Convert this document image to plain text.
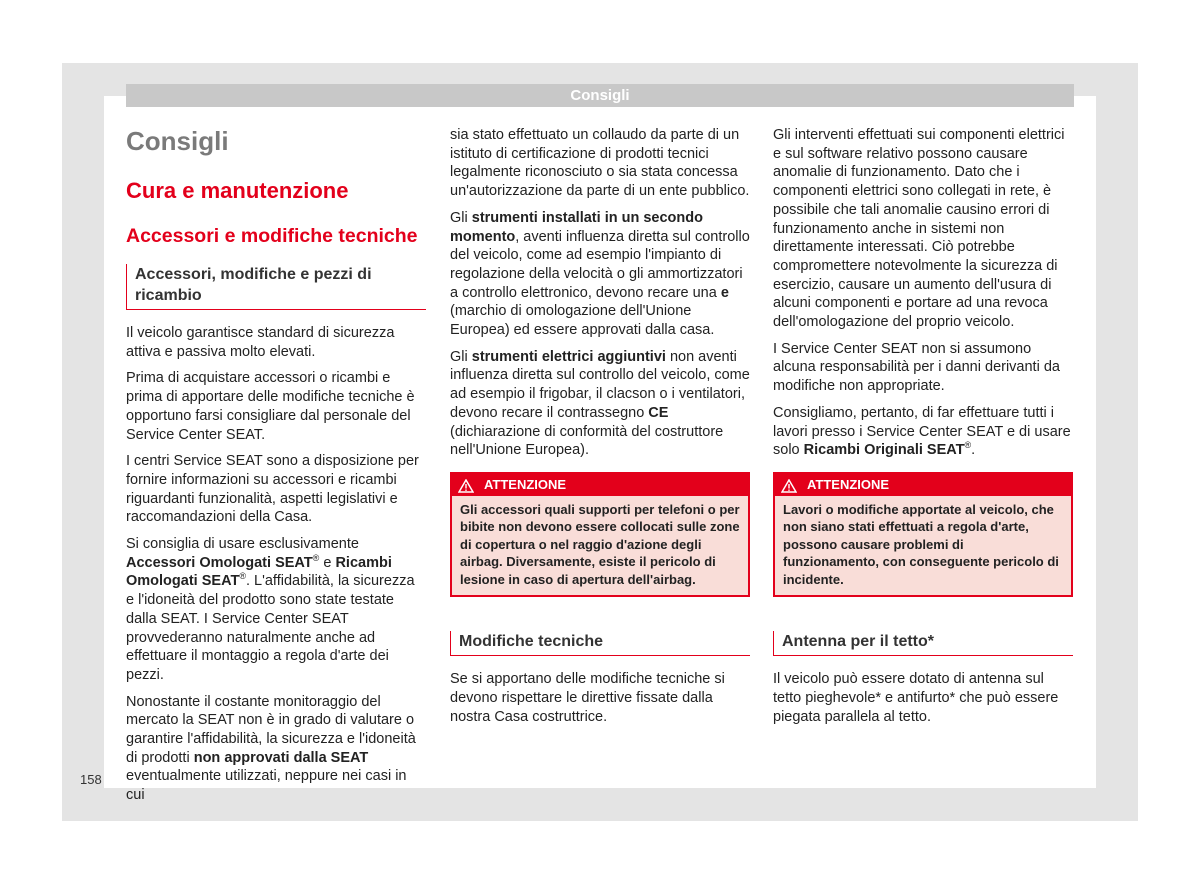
Consigli
Consigli
Cura e manutenzione
Accessori e modifiche tecniche
Accessori, modifiche e pezzi di ricambio

Il veicolo garantisce standard di sicurezza attiva e passiva molto elevati.

Prima di acquistare accessori o ricambi e prima di apportare delle modifiche tecniche è opportuno farsi consigliare dal personale del Service Center SEAT.

I centri Service SEAT sono a disposizione per fornire informazioni su accessori e ricambi riguardanti funzionalità, aspetti legislativi e raccomandazioni della Casa.

Si consiglia di usare esclusivamente Accessori Omologati SEAT® e Ricambi Omologati SEAT®. L'affidabilità, la sicurezza e l'idoneità del prodotto sono state testate dalla SEAT. I Service Center SEAT provvederanno naturalmente anche ad effettuare il montaggio a regola d'arte dei pezzi.

Nonostante il costante monitoraggio del mercato la SEAT non è in grado di valutare o garantire l'affidabilità, la sicurezza e l'idoneità di prodotti non approvati dalla SEAT eventualmente utilizzati, neppure nei casi in cui

sia stato effettuato un collaudo da parte di un istituto di certificazione di prodotti tecnici legalmente riconosciuto o sia stata concessa un'autorizzazione da parte di un ente pubblico.

Gli strumenti installati in un secondo momento, aventi influenza diretta sul controllo del veicolo, come ad esempio l'impianto di regolazione della velocità o gli ammortizzatori a controllo elettronico, devono recare una e (marchio di omologazione dell'Unione Europea) ed essere approvati dalla casa.

Gli strumenti elettrici aggiuntivi non aventi influenza diretta sul controllo del veicolo, come ad esempio il frigobar, il clacson o i ventilatori, devono recare il contrassegno CE (dichiarazione di conformità del costruttore nell'Unione Europea).

ATTENZIONE
Gli accessori quali supporti per telefoni o per bibite non devono essere collocati sulle zone di copertura o nel raggio d'azione degli airbag. Diversamente, esiste il pericolo di lesione in caso di apertura dell'airbag.
Modifiche tecniche

Se si apportano delle modifiche tecniche si devono rispettare le direttive fissate dalla nostra Casa costruttrice.

Gli interventi effettuati sui componenti elettrici e sul software relativo possono causare anomalie di funzionamento. Dato che i componenti elettrici sono collegati in rete, è possibile che tali anomalie causino errori di funzionamento anche in sistemi non direttamente interessati. Ciò potrebbe compromettere notevolmente la sicurezza di esercizio, causare un aumento dell'usura di alcuni componenti e portare ad una revoca dell'omologazione del proprio veicolo.

I Service Center SEAT non si assumono alcuna responsabilità per i danni derivanti da modifiche non appropriate.

Consigliamo, pertanto, di far effettuare tutti i lavori presso i Service Center SEAT e di usare solo Ricambi Originali SEAT®.

ATTENZIONE
Lavori o modifiche apportate al veicolo, che non siano stati effettuati a regola d'arte, possono causare problemi di funzionamento, con conseguente pericolo di incidente.
Antenna per il tetto*

Il veicolo può essere dotato di antenna sul tetto pieghevole* e antifurto* che può essere piegata parallela al tetto.

158
